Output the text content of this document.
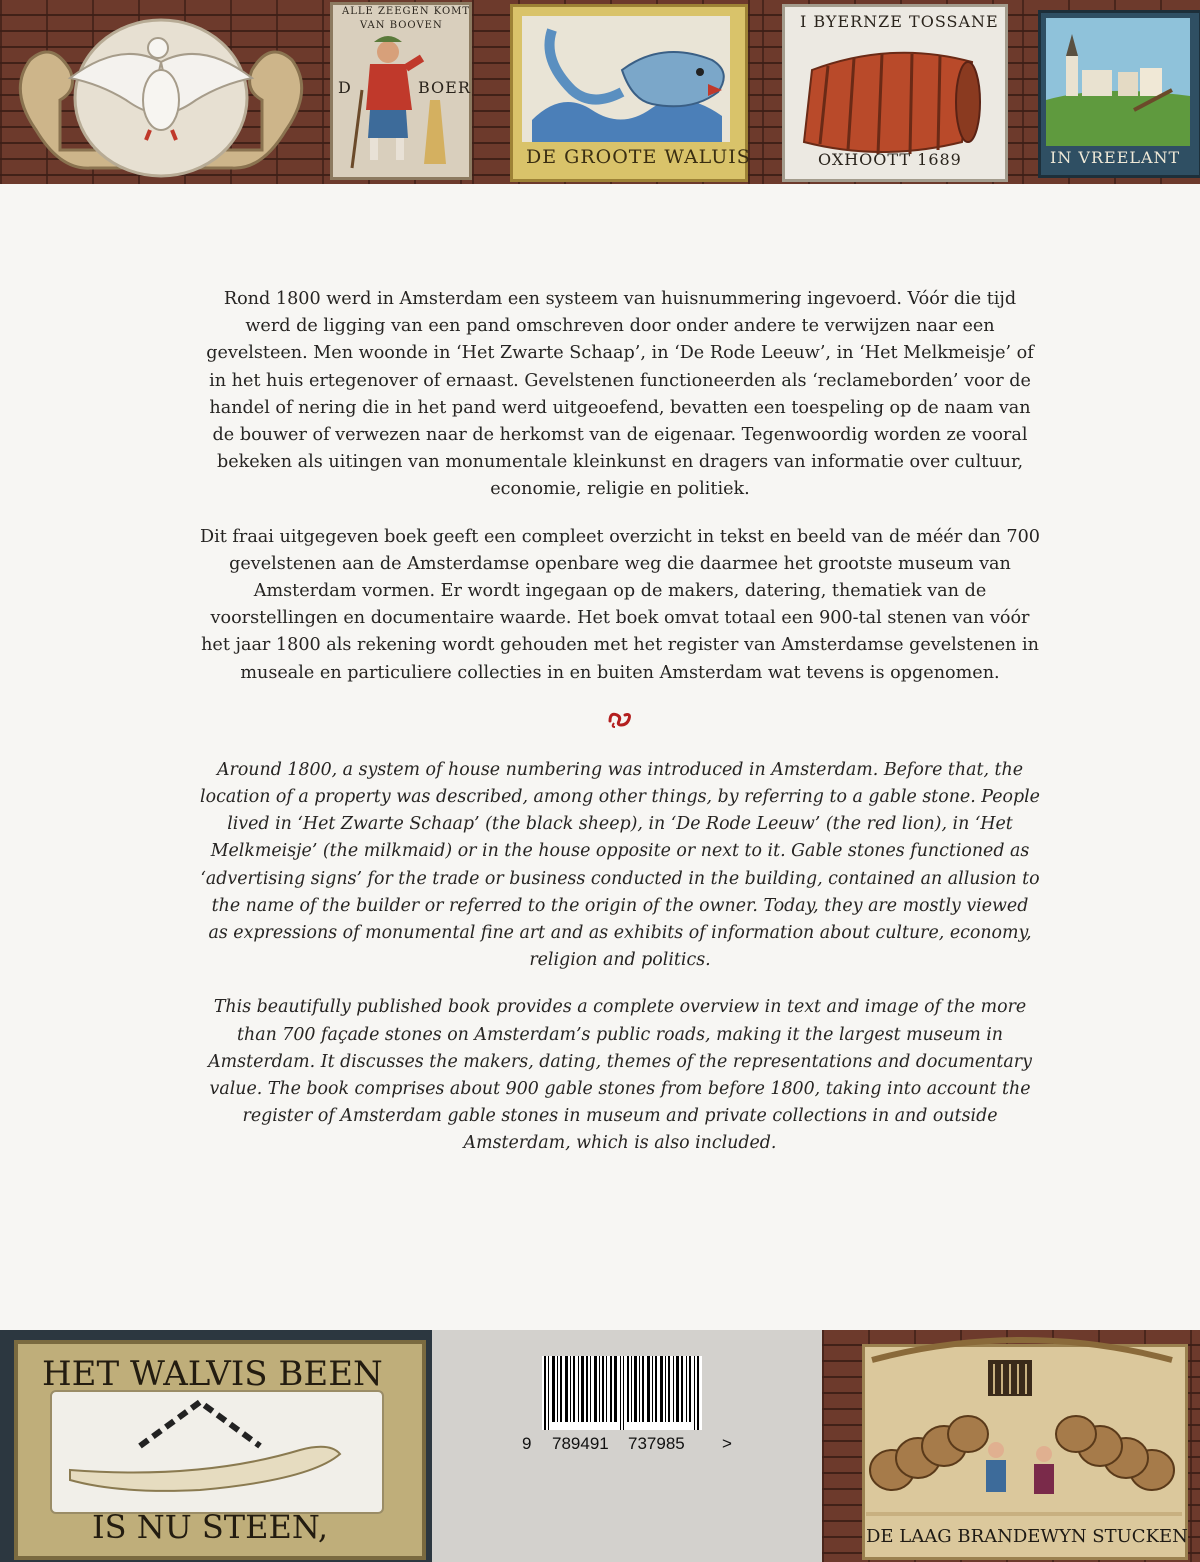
ALLE ZEEGEN KOMT
VAN BOOVEN
D	BOER
DE GROOTE WALUIS
I BYERNZE TOSSANE
OXHOOTT 1689	IN VREELANT

Rond 1800 werd in Amsterdam een systeem van huisnummering ingevoerd. Vóór die tijd werd de ligging van een pand omschreven door onder andere te verwijzen naar een gevelsteen. Men woonde in ‘Het Zwarte Schaap’, in ‘De Rode Leeuw’, in ‘Het Melkmeisje’ of in het huis ertegenover of ernaast. Gevelstenen functioneerden als ‘reclameborden’ voor de handel of nering die in het pand werd uitgeoefend, bevatten een toespeling op de naam van de bouwer of verwezen naar de herkomst van de eigenaar. Tegenwoordig worden ze vooral bekeken als uitingen van monumentale kleinkunst en dragers van informatie over cultuur, economie, religie en politiek.

Dit fraai uitgegeven boek geeft een compleet overzicht in tekst en beeld van de méér dan 700 gevelstenen aan de Amsterdamse openbare weg die daarmee het grootste museum van Amsterdam vormen. Er wordt ingegaan op de makers, datering, thematiek van de voorstellingen en documentaire waarde. Het boek omvat totaal een 900-tal stenen van vóór het jaar 1800 als rekening wordt gehouden met het register van Amsterdamse gevelstenen in museale en particuliere collecties in en buiten Amsterdam wat tevens is opgenomen.

Around 1800, a system of house numbering was introduced in Amsterdam. Before that, the location of a property was described, among other things, by referring to a gable stone. People lived in ‘Het Zwarte Schaap’ (the black sheep), in ‘De Rode Leeuw’ (the red lion), in ‘Het Melkmeisje’ (the milkmaid) or in the house opposite or next to it. Gable stones functioned as ‘advertising signs’ for the trade or business conducted in the building, contained an allusion to the name of the builder or referred to the origin of the owner. Today, they are mostly viewed as expressions of monumental fine art and as exhibits of information about culture, economy, religion and politics.

This beautifully published book provides a complete overview in text and image of the more than 700 façade stones on Amsterdam’s public roads, making it the largest museum in Amsterdam. It discusses the makers, dating, themes of the representations and documentary value. The book comprises about 900 gable stones from before 1800, taking into account the register of Amsterdam gable stones in museum and private collections in and outside Amsterdam, which is also included.

HET WALVIS BEEN
IS NU STEEN,
9 789491 737985 >
DE LAAG BRANDEWYN STUCKEN
